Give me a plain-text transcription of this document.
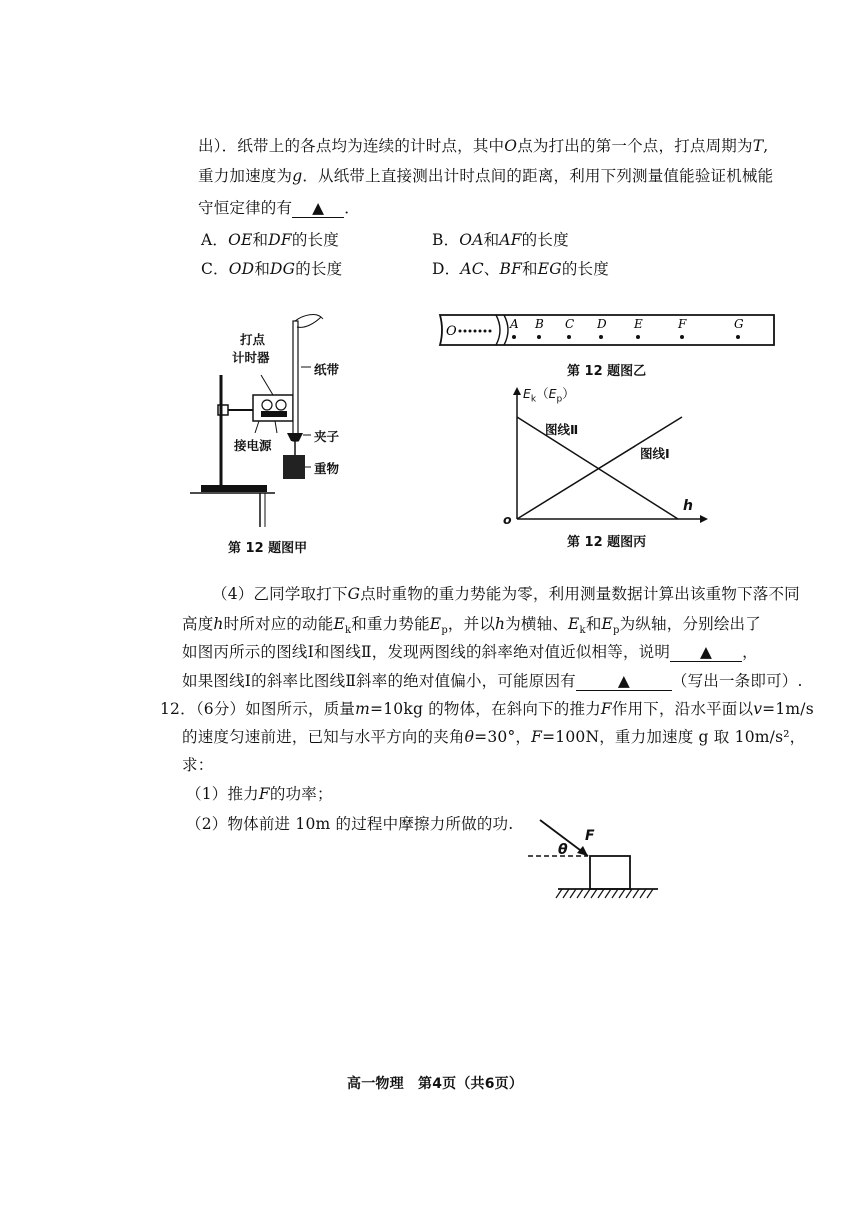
出）．纸带上的各点均为连续的计时点，其中O点为打出的第一个点，打点周期为T,
重力加速度为g．从纸带上直接测出计时点间的距离，利用下列测量值能验证机械能
守恒定律的有 ▲ ．
A．OE和DF的长度	B．OA和AF的长度
C．OD和DG的长度	D．AC、BF和EG的长度
打点
计时器
纸带
接电源
夹子
重物
第 12 题图甲
O	A B C D E	F	G
第 12 题图乙
$E_k(E_p)$
图线Ⅱ
图线Ⅰ
h
o
第 12 题图丙
（4）乙同学取打下G点时重物的重力势能为零，利用测量数据计算出该重物下落不同
高度h时所对应的动能$E_k$和重力势能$E_p$，并以h为横轴、$E_k$和$E_p$为纵轴，分别绘出了
如图丙所示的图线Ⅰ和图线Ⅱ，发现两图线的斜率绝对值近似相等，说明 ▲ ，
如果图线Ⅰ的斜率比图线Ⅱ斜率的绝对值偏小，可能原因有	▲	（写出一条即可）.
12．（6分）如图所示，质量m=10kg 的物体，在斜向下的推力F作用下，沿水平面以v=1m/s
的速度匀速前进，已知与水平方向的夹角θ=30°，F=100N，重力加速度 g 取 10m/s²，
求：
（1）推力F的功率；
（2）物体前进 10m 的过程中摩擦力所做的功.
F
θ
高一物理　第4页（共6页）
